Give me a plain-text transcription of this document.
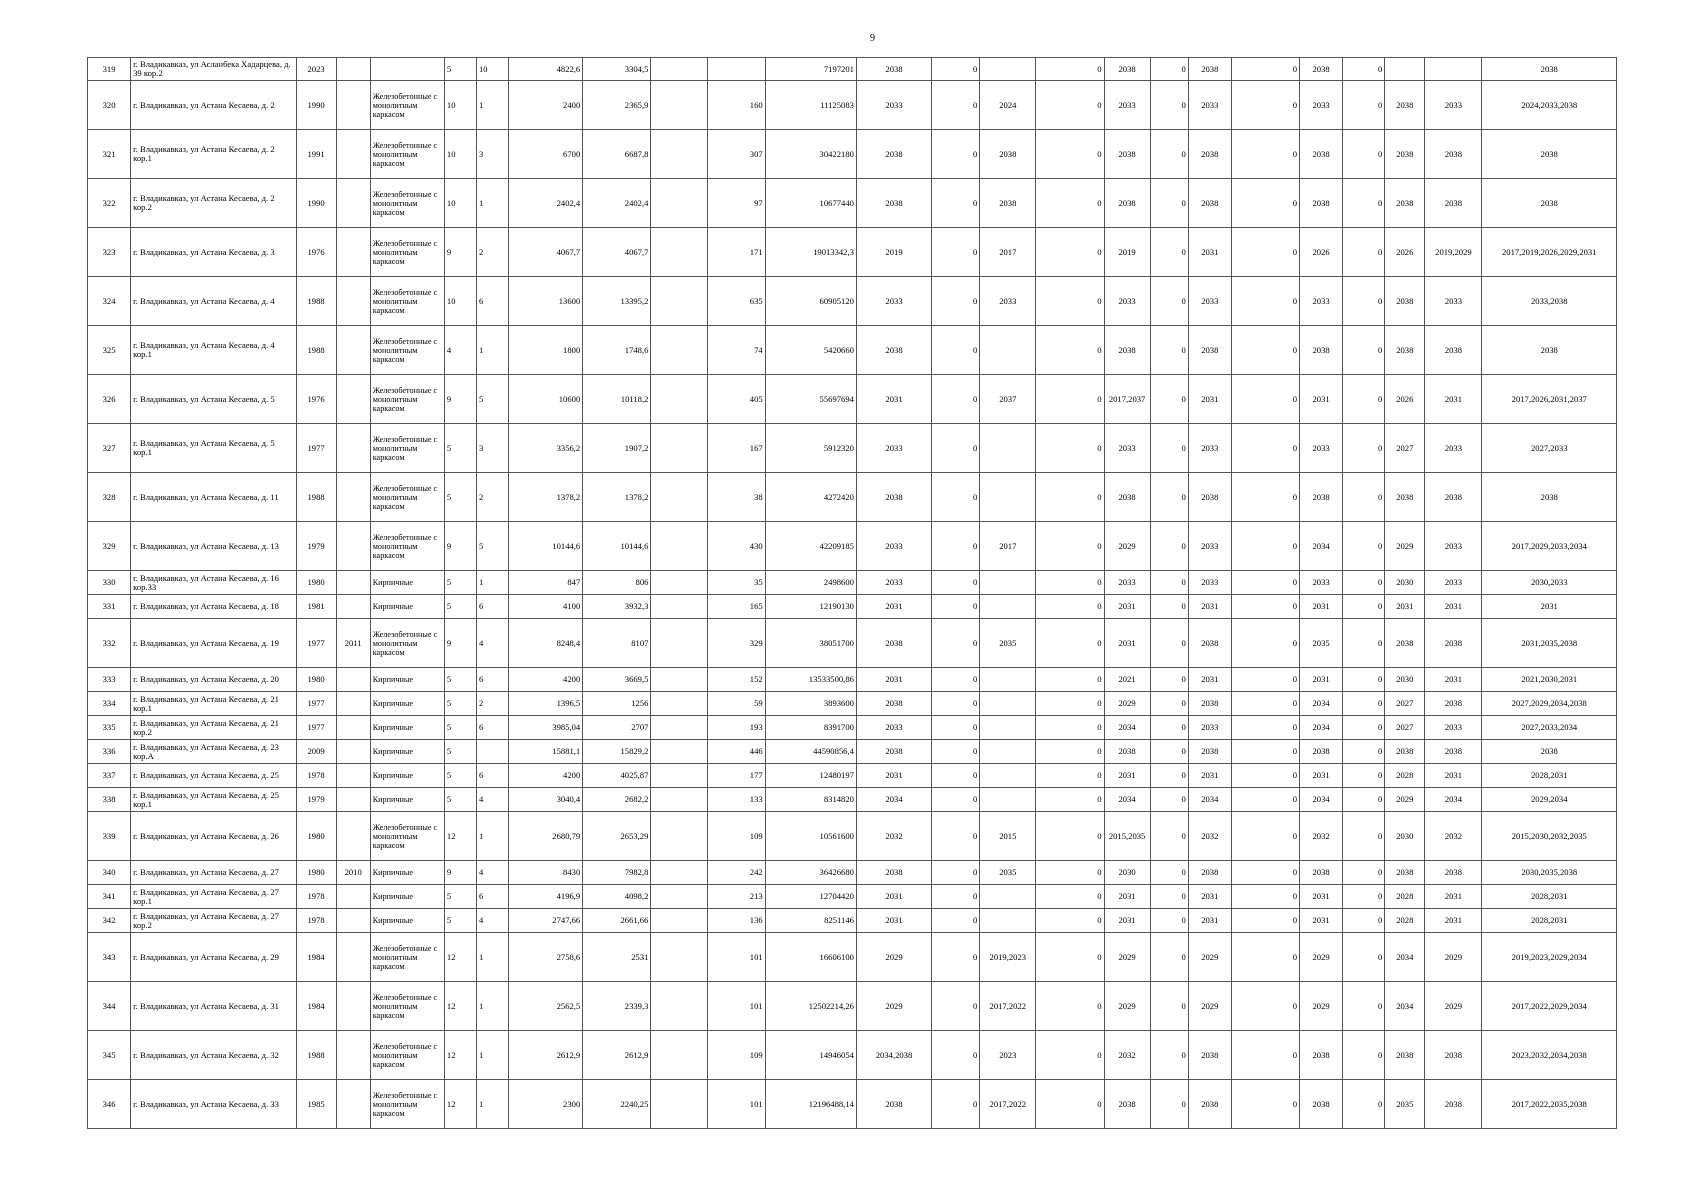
9
319	г. Владикавказ, ул Асланбека Хадарцева, д. 39 кор.2	2023			5	10	4822,6	3304,5			7197201	2038	0		0	2038	0	2038	0	2038	0			2038
320	г. Владикавказ, ул Астана Кесаева, д. 2	1990		Железобетонные с монолитным каркасом	10	1	2400	2365,9		160	11125083	2033	0	2024	0	2033	0	2033	0	2033	0	2038	2033	2024,2033,2038
321	г. Владикавказ, ул Астана Кесаева, д. 2 кор.1	1991		Железобетонные с монолитным каркасом	10	3	6700	6687,8		307	30422180	2038	0	2038	0	2038	0	2038	0	2038	0	2038	2038	2038
322	г. Владикавказ, ул Астана Кесаева, д. 2 кор.2	1990		Железобетонные с монолитным каркасом	10	1	2402,4	2402,4		97	10677440	2038	0	2038	0	2038	0	2038	0	2038	0	2038	2038	2038
323	г. Владикавказ, ул Астана Кесаева, д. 3	1976		Железобетонные с монолитным каркасом	9	2	4067,7	4067,7		171	19013342,3	2019	0	2017	0	2019	0	2031	0	2026	0	2026	2019,2029	2017,2019,2026,2029,2031
324	г. Владикавказ, ул Астана Кесаева, д. 4	1988		Железобетонные с монолитным каркасом	10	6	13600	13395,2		635	60905120	2033	0	2033	0	2033	0	2033	0	2033	0	2038	2033	2033,2038
325	г. Владикавказ, ул Астана Кесаева, д. 4 кор.1	1988		Железобетонные с монолитным каркасом	4	1	1800	1748,6		74	5420660	2038	0		0	2038	0	2038	0	2038	0	2038	2038	2038
326	г. Владикавказ, ул Астана Кесаева, д. 5	1976		Железобетонные с монолитным каркасом	9	5	10600	10118,2		405	55697694	2031	0	2037	0	2017,2037	0	2031	0	2031	0	2026	2031	2017,2026,2031,2037
327	г. Владикавказ, ул Астана Кесаева, д. 5 кор.1	1977		Железобетонные с монолитным каркасом	5	3	3356,2	1907,2		167	5912320	2033	0		0	2033	0	2033	0	2033	0	2027	2033	2027,2033
328	г. Владикавказ, ул Астана Кесаева, д. 11	1988		Железобетонные с монолитным каркасом	5	2	1378,2	1378,2		38	4272420	2038	0		0	2038	0	2038	0	2038	0	2038	2038	2038
329	г. Владикавказ, ул Астана Кесаева, д. 13	1979		Железобетонные с монолитным каркасом	9	5	10144,6	10144,6		430	42209185	2033	0	2017	0	2029	0	2033	0	2034	0	2029	2033	2017,2029,2033,2034
330	г. Владикавказ, ул Астана Кесаева, д. 16 кор.33	1980		Кирпичные	5	1	847	806		35	2498600	2033	0		0	2033	0	2033	0	2033	0	2030	2033	2030,2033
331	г. Владикавказ, ул Астана Кесаева, д. 18	1981		Кирпичные	5	6	4100	3932,3		165	12190130	2031	0		0	2031	0	2031	0	2031	0	2031	2031	2031
332	г. Владикавказ, ул Астана Кесаева, д. 19	1977	2011	Железобетонные с монолитным каркасом	9	4	8248,4	8107		329	38051700	2038	0	2035	0	2031	0	2038	0	2035	0	2038	2038	2031,2035,2038
333	г. Владикавказ, ул Астана Кесаева, д. 20	1980		Кирпичные	5	6	4200	3669,5		152	13533500,86	2031	0		0	2021	0	2031	0	2031	0	2030	2031	2021,2030,2031
334	г. Владикавказ, ул Астана Кесаева, д. 21 кор.1	1977		Кирпичные	5	2	1396,5	1256		59	3893600	2038	0		0	2029	0	2038	0	2034	0	2027	2038	2027,2029,2034,2038
335	г. Владикавказ, ул Астана Кесаева, д. 21 кор.2	1977		Кирпичные	5	6	3985,04	2707		193	8391700	2033	0		0	2034	0	2033	0	2034	0	2027	2033	2027,2033,2034
336	г. Владикавказ, ул Астана Кесаева, д. 23 кор.А	2009		Кирпичные	5		15881,1	15829,2		446	44590856,4	2038	0		0	2038	0	2038	0	2038	0	2038	2038	2038
337	г. Владикавказ, ул Астана Кесаева, д. 25	1978		Кирпичные	5	6	4200	4025,87		177	12480197	2031	0		0	2031	0	2031	0	2031	0	2028	2031	2028,2031
338	г. Владикавказ, ул Астана Кесаева, д. 25 кор.1	1979		Кирпичные	5	4	3040,4	2682,2		133	8314820	2034	0		0	2034	0	2034	0	2034	0	2029	2034	2029,2034
339	г. Владикавказ, ул Астана Кесаева, д. 26	1980		Железобетонные с монолитным каркасом	12	1	2680,79	2653,29		109	10561600	2032	0	2015	0	2015,2035	0	2032	0	2032	0	2030	2032	2015,2030,2032,2035
340	г. Владикавказ, ул Астана Кесаева, д. 27	1980	2010	Кирпичные	9	4	8430	7982,8		242	36426680	2038	0	2035	0	2030	0	2038	0	2038	0	2038	2038	2030,2035,2038
341	г. Владикавказ, ул Астана Кесаева, д. 27 кор.1	1978		Кирпичные	5	6	4196,9	4098,2		213	12704420	2031	0		0	2031	0	2031	0	2031	0	2028	2031	2028,2031
342	г. Владикавказ, ул Астана Кесаева, д. 27 кор.2	1978		Кирпичные	5	4	2747,66	2661,66		136	8251146	2031	0		0	2031	0	2031	0	2031	0	2028	2031	2028,2031
343	г. Владикавказ, ул Астана Кесаева, д. 29	1984		Железобетонные с монолитным каркасом	12	1	2758,6	2531		101	16606100	2029	0	2019,2023	0	2029	0	2029	0	2029	0	2034	2029	2019,2023,2029,2034
344	г. Владикавказ, ул Астана Кесаева, д. 31	1984		Железобетонные с монолитным каркасом	12	1	2562,5	2339,3		101	12502214,26	2029	0	2017,2022	0	2029	0	2029	0	2029	0	2034	2029	2017,2022,2029,2034
345	г. Владикавказ, ул Астана Кесаева, д. 32	1988		Железобетонные с монолитным каркасом	12	1	2612,9	2612,9		109	14946054	2034,2038	0	2023	0	2032	0	2038	0	2038	0	2038	2038	2023,2032,2034,2038
346	г. Владикавказ, ул Астана Кесаева, д. 33	1985		Железобетонные с монолитным каркасом	12	1	2300	2240,25		101	12196488,14	2038	0	2017,2022	0	2038	0	2038	0	2038	0	2035	2038	2017,2022,2035,2038
